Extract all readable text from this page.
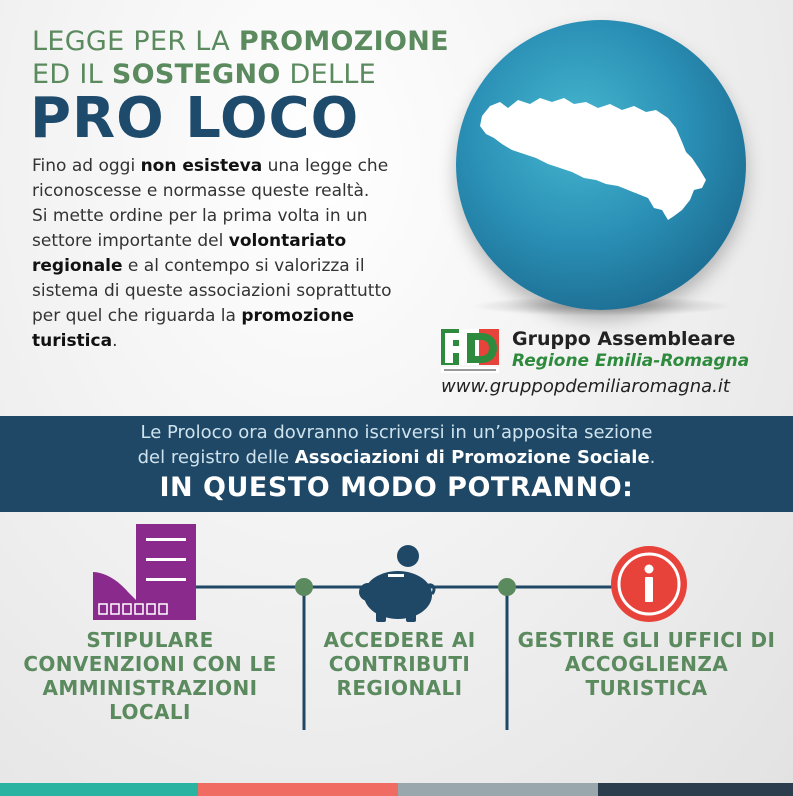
LEGGE PER LA PROMOZIONE
ED IL SOSTEGNO DELLE
PRO LOCO
Fino ad oggi non esisteva una legge che riconoscesse e normasse queste realtà.
Si mette ordine per la prima volta in un settore importante del volontariato regionale e al contempo si valorizza il sistema di queste associazioni soprattutto per quel che riguarda la promozione turistica.	Gruppo Assembleare
Regione Emilia-Romagna
www.gruppopdemiliaromagna.it
Le Proloco ora dovranno iscriversi in un’apposita sezione
del registro delle Associazioni di Promozione Sociale.
IN QUESTO MODO POTRANNO:
STIPULARE CONVENZIONI CON LE AMMINISTRAZIONI LOCALI
ACCEDERE AI CONTRIBUTI REGIONALI
GESTIRE GLI UFFICI DI ACCOGLIENZA TURISTICA
